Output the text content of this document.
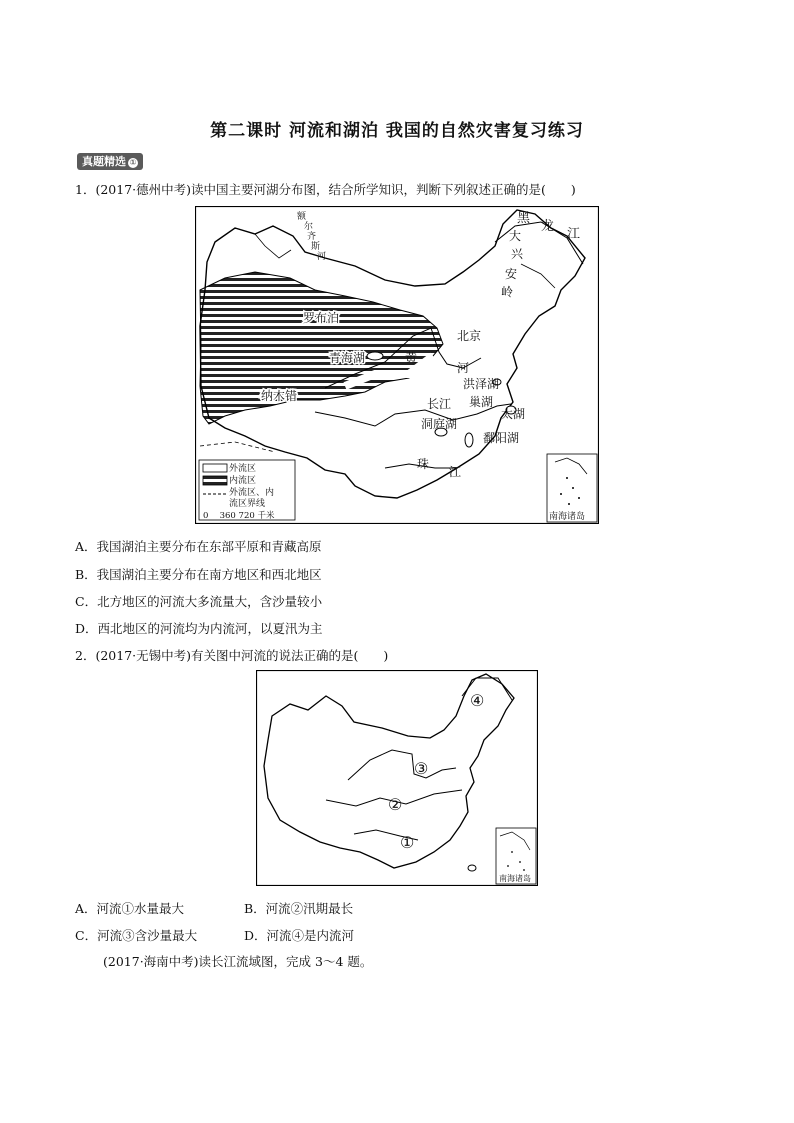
第二课时 河流和湖泊 我国的自然灾害复习练习
真题精选 ①
1．(2017·德州中考)读中国主要河湖分布图，结合所学知识，判断下列叙述正确的是(　　)
额
尔
齐
斯
河
黑
龙
江
大
兴
安
岭
罗布泊
北京
青海湖	黄
河
洪泽湖
纳木错
长江 巢湖
太湖
洞庭湖
鄱阳湖
珠
江
外流区
内流区
外流区、内
流区界线
0　 360 720 千米	南海诸岛
A．我国湖泊主要分布在东部平原和青藏高原
B．我国湖泊主要分布在南方地区和西北地区
C．北方地区的河流大多流量大，含沙量较小
D．西北地区的河流均为内流河，以夏汛为主
2．(2017·无锡中考)有关图中河流的说法正确的是(　　)
①
②
③
④
南海诸岛
A．河流①水量最大	B．河流②汛期最长
C．河流③含沙量最大	D．河流④是内流河
(2017·海南中考)读长江流域图，完成 3～4 题。
